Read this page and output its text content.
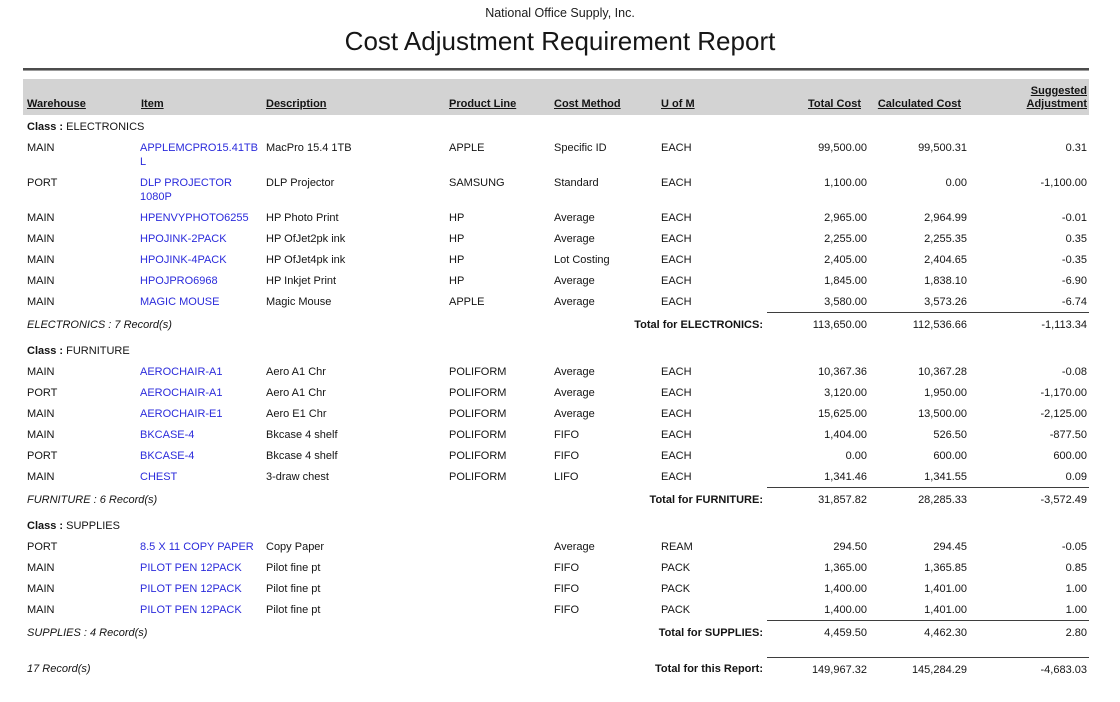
National Office Supply, Inc.
Cost Adjustment Requirement Report
Warehouse	Item	Description	Product Line	Cost Method	U of M	Total Cost	Calculated Cost	Suggested Adjustment
Class : ELECTRONICS								
MAIN	APPLEMCPRO15.41TBL	MacPro 15.4 1TB	APPLE	Specific ID	EACH	99,500.00	99,500.31	0.31
PORT	DLP PROJECTOR 1080P	DLP Projector	SAMSUNG	Standard	EACH	1,100.00	0.00	-1,100.00
MAIN	HPENVYPHOTO6255	HP Photo Print	HP	Average	EACH	2,965.00	2,964.99	-0.01
MAIN	HPOJINK-2PACK	HP OfJet2pk ink	HP	Average	EACH	2,255.00	2,255.35	0.35
MAIN	HPOJINK-4PACK	HP OfJet4pk ink	HP	Lot Costing	EACH	2,405.00	2,404.65	-0.35
MAIN	HPOJPRO6968	HP Inkjet Print	HP	Average	EACH	1,845.00	1,838.10	-6.90
MAIN	MAGIC MOUSE	Magic Mouse	APPLE	Average	EACH	3,580.00	3,573.26	-6.74
ELECTRONICS : 7 Record(s)				Total for ELECTRONICS:		113,650.00	112,536.66	-1,113.34
Class : FURNITURE								
MAIN	AEROCHAIR-A1	Aero A1 Chr	POLIFORM	Average	EACH	10,367.36	10,367.28	-0.08
PORT	AEROCHAIR-A1	Aero A1 Chr	POLIFORM	Average	EACH	3,120.00	1,950.00	-1,170.00
MAIN	AEROCHAIR-E1	Aero E1 Chr	POLIFORM	Average	EACH	15,625.00	13,500.00	-2,125.00
MAIN	BKCASE-4	Bkcase 4 shelf	POLIFORM	FIFO	EACH	1,404.00	526.50	-877.50
PORT	BKCASE-4	Bkcase 4 shelf	POLIFORM	FIFO	EACH	0.00	600.00	600.00
MAIN	CHEST	3-draw chest	POLIFORM	LIFO	EACH	1,341.46	1,341.55	0.09
FURNITURE : 6 Record(s)				Total for FURNITURE:		31,857.82	28,285.33	-3,572.49
Class : SUPPLIES								
PORT	8.5 X 11 COPY PAPER	Copy Paper		Average	REAM	294.50	294.45	-0.05
MAIN	PILOT PEN 12PACK	Pilot fine pt		FIFO	PACK	1,365.00	1,365.85	0.85
MAIN	PILOT PEN 12PACK	Pilot fine pt		FIFO	PACK	1,400.00	1,401.00	1.00
MAIN	PILOT PEN 12PACK	Pilot fine pt		FIFO	PACK	1,400.00	1,401.00	1.00
SUPPLIES : 4 Record(s)				Total for SUPPLIES:		4,459.50	4,462.30	2.80

17 Record(s)				Total for this Report:		149,967.32	145,284.29	-4,683.03
